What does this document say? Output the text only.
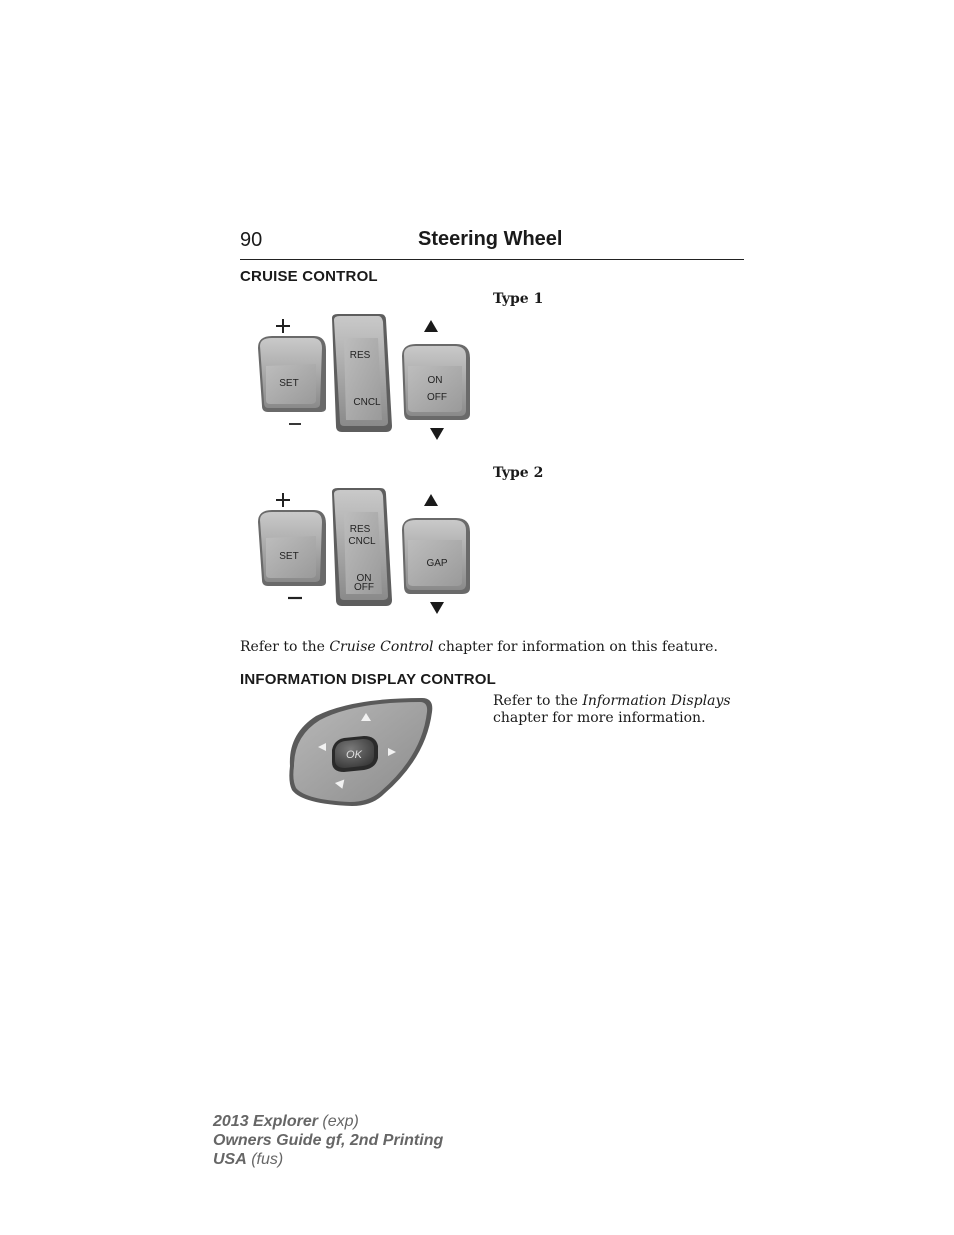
90	Steering Wheel
CRUISE CONTROL
Type 1
SET
RES
CNCL
ON
OFF
Type 2
SET
RES
CNCL
ON
OFF
GAP
Refer to the Cruise Control chapter for information on this feature.
INFORMATION DISPLAY CONTROL
OK
Refer to the Information Displays
chapter for more information.
2013 Explorer (exp)
Owners Guide gf, 2nd Printing
USA (fus)
